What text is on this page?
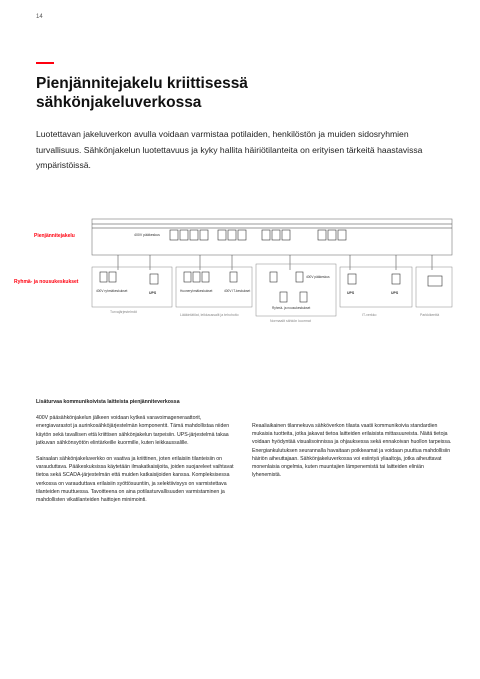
14
Pienjännitejakelu kriittisessä sähkönjakeluverkossa
Luotettavan jakeluverkon avulla voidaan varmistaa potilaiden, henkilöstön ja muiden sidosryhmien turvallisuus. Sähkönjakelun luotettavuus ja kyky hallita häiriötilanteita on erityisen tärkeitä haastavissa ympäristöissä.
Pienjännitejakelu
Ryhmä- ja nousukeskukset
400V pääkeskus
400V ryhmäkeskukset	UPS	Huoneryhmäkeskukset	400V IT-keskukset
400V pääkeskus
Ryhmä- ja nousukeskukset
UPS	UPS
Turvajärjestelmät
Lääkintätilat, leikkaussalit ja tehohoito
Normaalit sähkön kuormat
IT-verkko	Parkkikenttä
Lisäturvaa kommunikoivista laitteista pienjänniteverkossa

400V pääsähkönjakelun jälkeen voidaan kytkeä varavoimageneraattorit, energiavarastot ja aurinkosähköjärjestelmän komponentit. Tämä mahdollistaa niiden käytön sekä tavallisen että kriittisen sähkönjakelun tarpeisiin. UPS-järjestelmä takaa jatkuvan sähkönsyötön elintärkeille kuormille, kuten leikkaussalille.

Sairaalan sähkönjakeluverkko on vaativa ja kriittinen, joten erilaisiin tilanteisiin on varauduttava. Pääkeskuksissa käytetään ilmakatkaisijoita, joiden suojareleet vaihtavat tietoa sekä SCADA-järjestelmän että muiden katkaisijoiden kanssa. Kompleksisessa verkossa on varauduttava erilaisiin syöttösuuntiin, ja selektiivisyys on varmistettava tilanteiden muuttuessa. Tavoitteena on aina potilasturvallisuuden varmistaminen ja mahdollisten vikatilanteiden haittojen minimointi.

Reaaliaikainen tilannekuva sähköverkon tilasta vaatii kommunikoivia standardien mukaisia tuotteita, jotka jakavat tietoa laitteiden erilaisista mittasuureista. Näitä tietoja voidaan hyödyntää visualisoinnissa ja ohjauksessa sekä ennakoivan huollon tarpeissa. Energiankulutuksen seurannalla havaitaan poikkeamat ja voidaan puuttua mahdollisiin häiriön aiheuttajaan. Sähkönjakeluverkossa voi esiintyä yliaaltoja, jotka aiheuttavat monenlaisia ongelmia, kuten muuntajien lämpenemistä tai laitteiden eliniän lyhenemistä.
